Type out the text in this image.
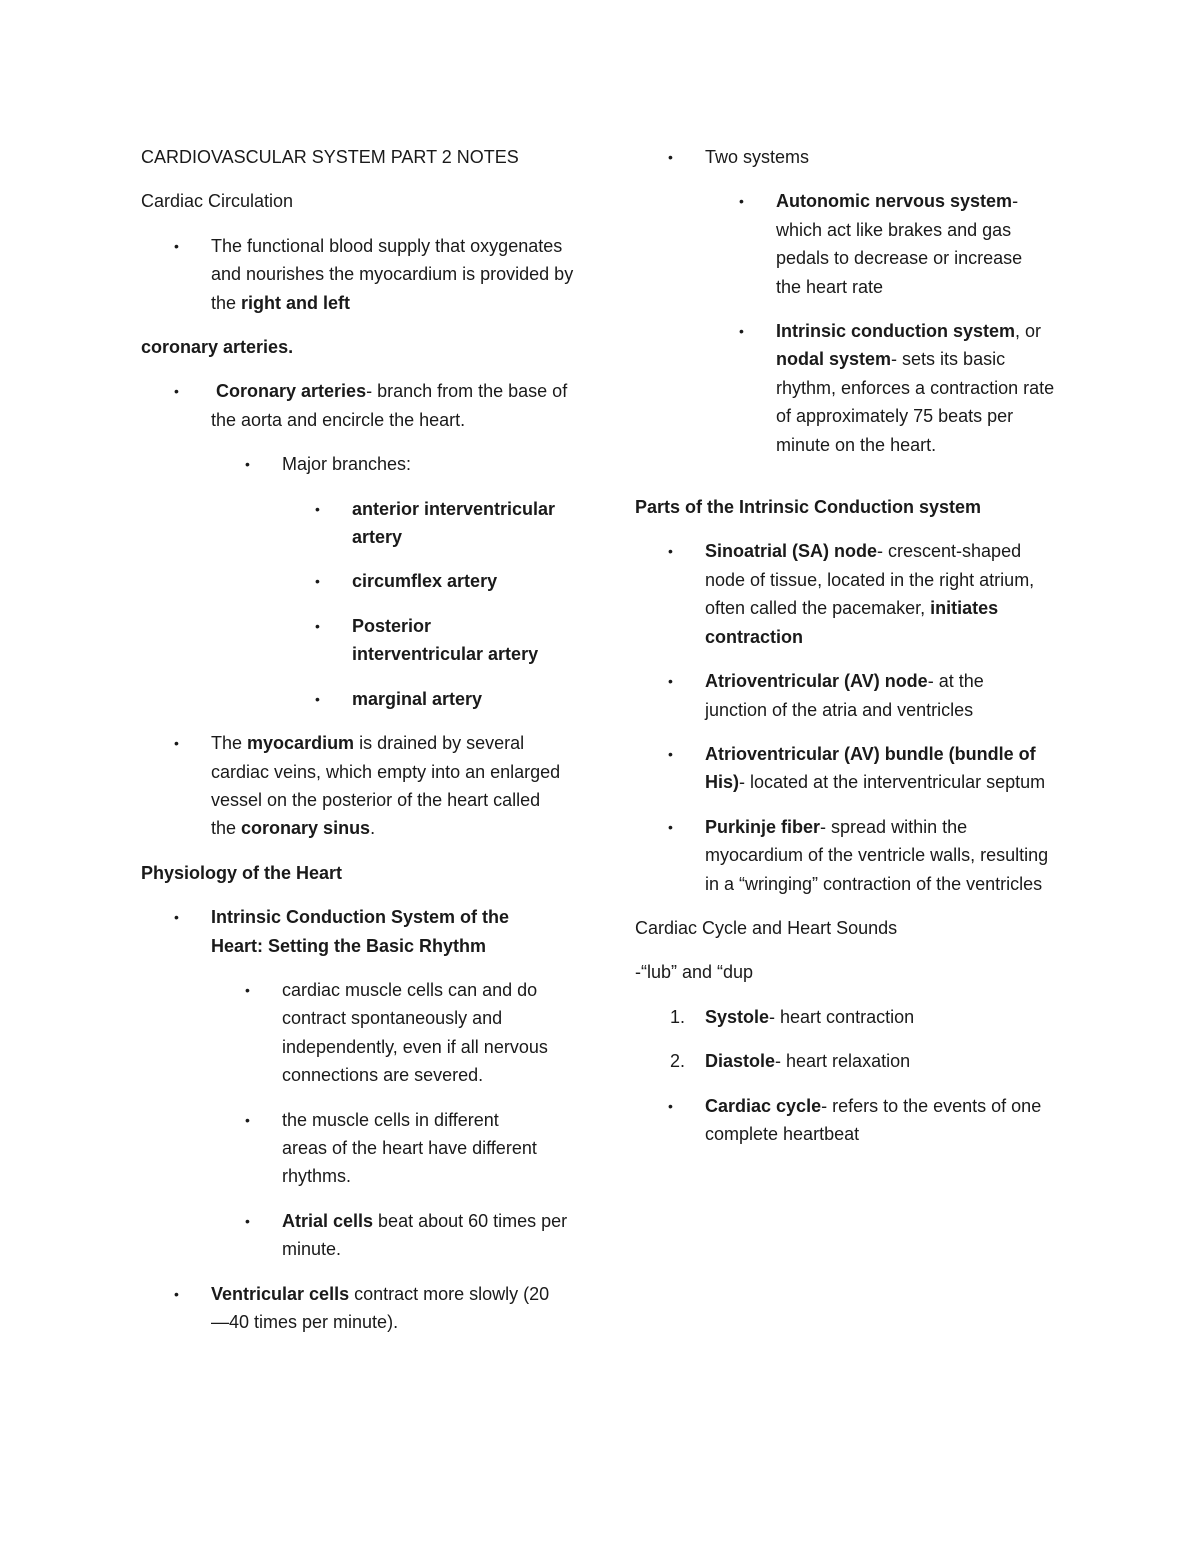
CARDIOVASCULAR SYSTEM PART 2 NOTES

Cardiac Circulation

•	The functional blood supply that oxygenates and nourishes the myocardium is provided by the right and left

coronary arteries.

•	Coronary arteries- branch from the base of the aorta and encircle the heart.
•	Major branches:
•	anterior interventricular artery
•	circumflex artery
•	Posterior interventricular artery
•	marginal artery
•	The myocardium is drained by several cardiac veins, which empty into an enlarged vessel on the posterior of the heart called the coronary sinus.

Physiology of the Heart

•	Intrinsic Conduction System of the Heart: Setting the Basic Rhythm
•	cardiac muscle cells can and do contract spontaneously and independently, even if all nervous connections are severed.
•	the muscle cells in different areas of the heart have different rhythms.
•	Atrial cells beat about 60 times per minute.
•	Ventricular cells contract more slowly (20—40 times per minute).
•	Two systems
•	Autonomic nervous system- which act like brakes and gas pedals to decrease or increase the heart rate
•	Intrinsic conduction system, or nodal system- sets its basic rhythm, enforces a contraction rate of approximately 75 beats per minute on the heart.

Parts of the Intrinsic Conduction system

•	Sinoatrial (SA) node- crescent-shaped node of tissue, located in the right atrium, often called the pacemaker, initiates contraction
•	Atrioventricular (AV) node- at the junction of the atria and ventricles
•	Atrioventricular (AV) bundle (bundle of His)- located at the interventricular septum
•	Purkinje fiber- spread within the myocardium of the ventricle walls, resulting in a “wringing” contraction of the ventricles

Cardiac Cycle and Heart Sounds

-“lub” and “dup

1. Systole- heart contraction
2. Diastole- heart relaxation
•	Cardiac cycle- refers to the events of one complete heartbeat
